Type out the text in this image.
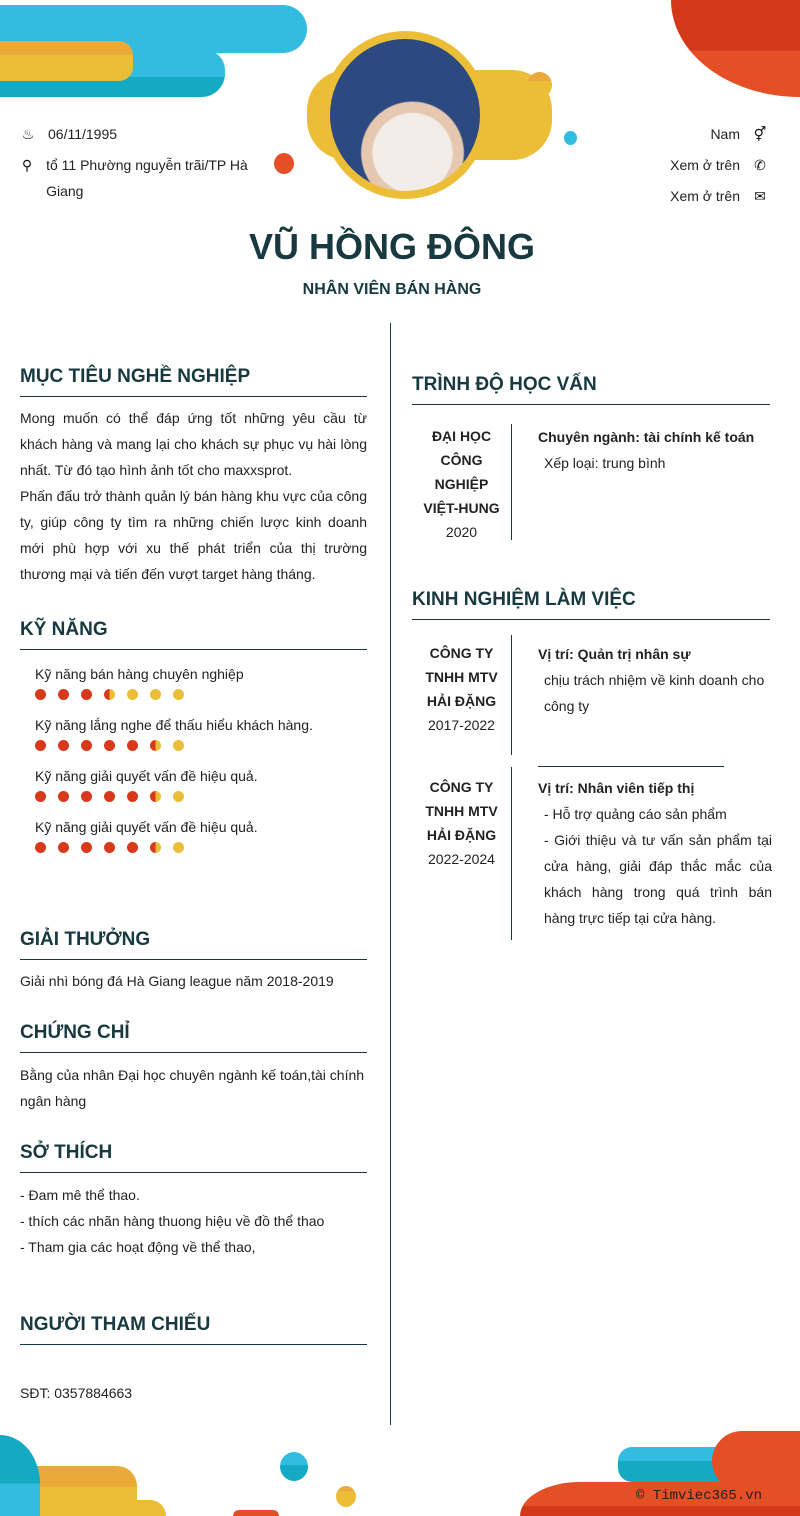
♨ 06/11/1995
⚲ tổ 11 Phường nguyễn trãi/TP Hà Giang
Nam ⚥
Xem ở trên ✆
Xem ở trên ✉
VŨ HỒNG ĐÔNG
NHÂN VIÊN BÁN HÀNG
MỤC TIÊU NGHỀ NGHIỆP
Mong muốn có thể đáp ứng tốt những yêu cầu từ khách hàng và mang lại cho khách sự phục vụ hài lòng nhất. Từ đó tạo hình ảnh tốt cho maxxsprot.
Phấn đấu trở thành quản lý bán hàng khu vực của công ty, giúp công ty tìm ra những chiến lược kinh doanh mới phù hợp với xu thế phát triển của thị trường thương mại và tiến đến vượt target hàng tháng.
KỸ NĂNG
Kỹ năng bán hàng chuyên nghiệp
Kỹ năng lắng nghe để thấu hiểu khách hàng.
Kỹ năng giải quyết vấn đề hiệu quả.
Kỹ năng giải quyết vấn đề hiệu quả.
GIẢI THƯỞNG
Giải nhì bóng đá Hà Giang league năm 2018-2019
CHỨNG CHỈ
Bằng của nhân Đại học chuyên ngành kế toán,tài chính ngân hàng
SỞ THÍCH
- Đam mê thể thao.
- thích các nhãn hàng thuong hiệu về đồ thể thao
- Tham gia các hoạt động về thể thao,
NGƯỜI THAM CHIẾU
SĐT: 0357884663
TRÌNH ĐỘ HỌC VẤN
ĐẠI HỌC
CÔNG NGHIỆP
VIỆT-HUNG
2020
Chuyên ngành: tài chính kế toán
Xếp loại: trung bình
KINH NGHIỆM LÀM VIỆC
CÔNG TY
TNHH MTV
HẢI ĐẶNG
2017-2022
Vị trí: Quản trị nhân sự
chịu trách nhiệm về kinh doanh cho công ty
CÔNG TY
TNHH MTV
HẢI ĐẶNG
2022-2024
Vị trí: Nhân viên tiếp thị
- Hỗ trợ quảng cáo sản phẩm
- Giới thiệu và tư vấn sản phẩm tại cửa hàng, giải đáp thắc mắc của khách hàng trong quá trình bán hàng trực tiếp tại cửa hàng.
© Timviec365.vn
